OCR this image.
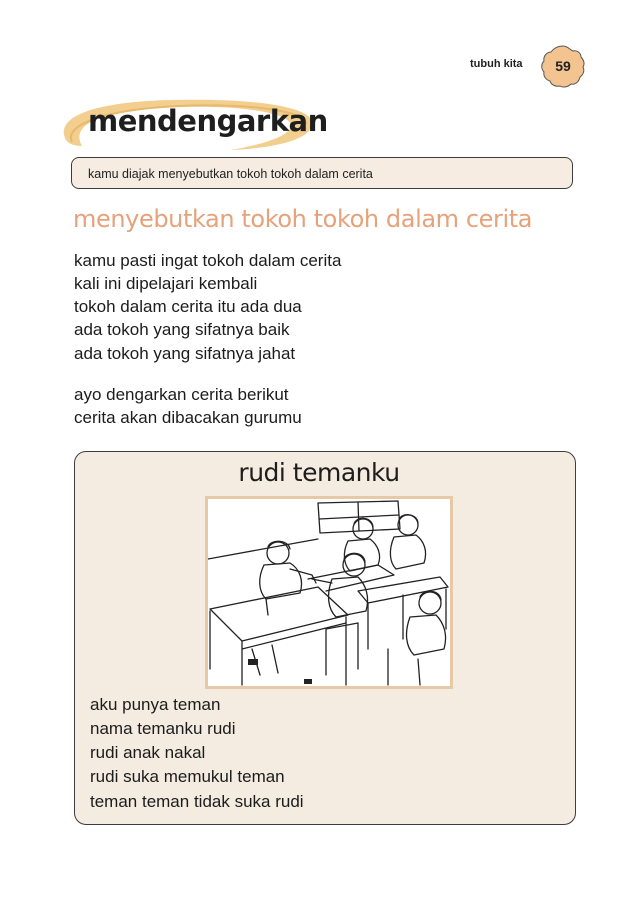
tubuh kita	59
mendengarkan
kamu diajak menyebutkan tokoh tokoh dalam cerita
menyebutkan tokoh tokoh dalam cerita
kamu pasti ingat tokoh dalam cerita
kali ini dipelajari kembali
tokoh dalam cerita itu ada dua
ada tokoh yang sifatnya baik
ada tokoh yang sifatnya jahat
ayo dengarkan cerita berikut
cerita akan dibacakan gurumu
rudi temanku
aku punya teman
nama temanku rudi
rudi anak nakal
rudi suka memukul teman
teman teman tidak suka rudi
